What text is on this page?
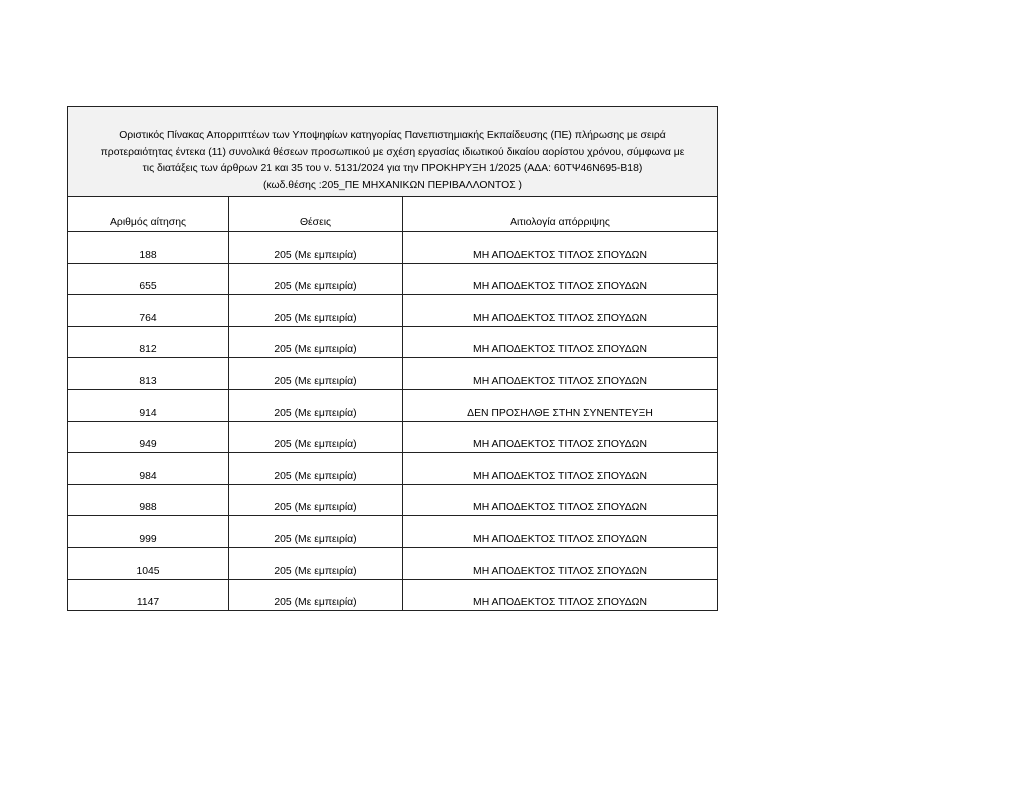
Οριστικός Πίνακας Απορριπτέων των Υποψηφίων κατηγορίας Πανεπιστημιακής Εκπαίδευσης (ΠΕ) πλήρωσης με σειρά
προτεραιότητας έντεκα (11) συνολικά θέσεων προσωπικού με σχέση εργασίας ιδιωτικού δικαίου αορίστου χρόνου, σύμφωνα με
τις διατάξεις των άρθρων 21 και 35 του ν. 5131/2024 για την ΠΡΟΚΗΡΥΞΗ 1/2025 (ΑΔΑ: 60ΤΨ46Ν695-Β18)
(κωδ.θέσης :205_ΠΕ ΜΗΧΑΝΙΚΩΝ ΠΕΡΙΒΑΛΛΟΝΤΟΣ )		

Αριθμός αίτησης	Θέσεις	Αιτιολογία απόρριψης
188	205 (Με εμπειρία)	ΜΗ ΑΠΟΔΕΚΤΟΣ ΤΙΤΛΟΣ ΣΠΟΥΔΩΝ
655	205 (Με εμπειρία)	ΜΗ ΑΠΟΔΕΚΤΟΣ ΤΙΤΛΟΣ ΣΠΟΥΔΩΝ
764	205 (Με εμπειρία)	ΜΗ ΑΠΟΔΕΚΤΟΣ ΤΙΤΛΟΣ ΣΠΟΥΔΩΝ
812	205 (Με εμπειρία)	ΜΗ ΑΠΟΔΕΚΤΟΣ ΤΙΤΛΟΣ ΣΠΟΥΔΩΝ
813	205 (Με εμπειρία)	ΜΗ ΑΠΟΔΕΚΤΟΣ ΤΙΤΛΟΣ ΣΠΟΥΔΩΝ
914	205 (Με εμπειρία)	ΔΕΝ ΠΡΟΣΗΛΘΕ ΣΤΗΝ ΣΥΝΕΝΤΕΥΞΗ
949	205 (Με εμπειρία)	ΜΗ ΑΠΟΔΕΚΤΟΣ ΤΙΤΛΟΣ ΣΠΟΥΔΩΝ
984	205 (Με εμπειρία)	ΜΗ ΑΠΟΔΕΚΤΟΣ ΤΙΤΛΟΣ ΣΠΟΥΔΩΝ
988	205 (Με εμπειρία)	ΜΗ ΑΠΟΔΕΚΤΟΣ ΤΙΤΛΟΣ ΣΠΟΥΔΩΝ
999	205 (Με εμπειρία)	ΜΗ ΑΠΟΔΕΚΤΟΣ ΤΙΤΛΟΣ ΣΠΟΥΔΩΝ
1045	205 (Με εμπειρία)	ΜΗ ΑΠΟΔΕΚΤΟΣ ΤΙΤΛΟΣ ΣΠΟΥΔΩΝ
1147	205 (Με εμπειρία)	ΜΗ ΑΠΟΔΕΚΤΟΣ ΤΙΤΛΟΣ ΣΠΟΥΔΩΝ
